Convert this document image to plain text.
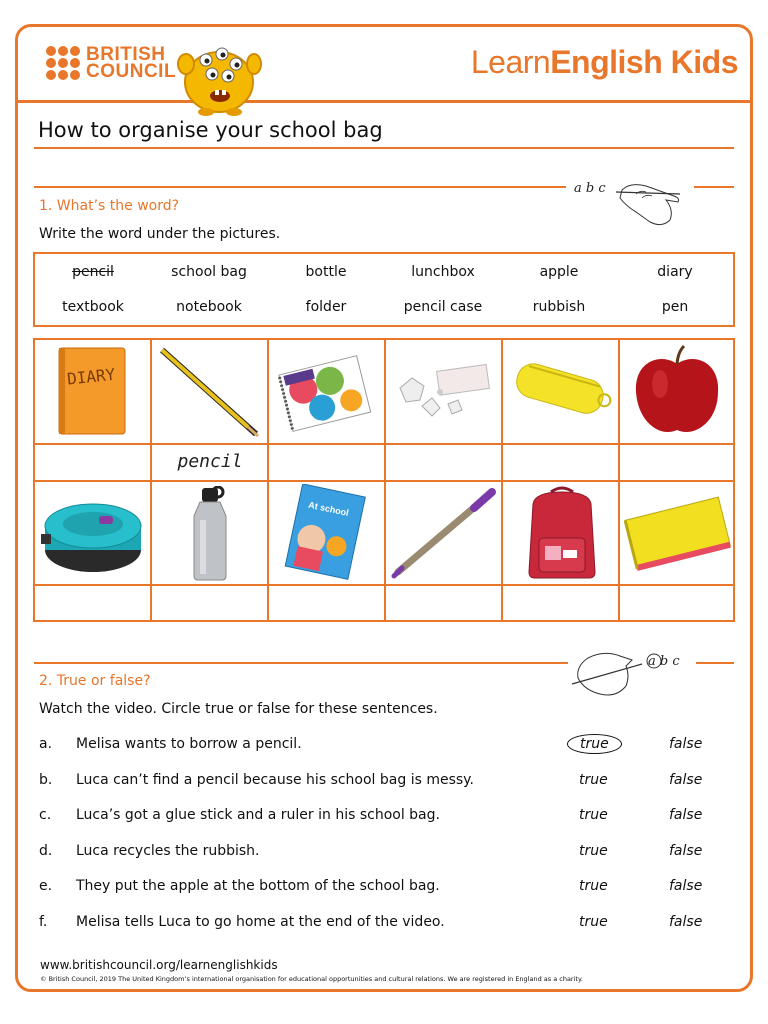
BRITISH
COUNCIL	LearnEnglish Kids
How to organise your school bag
a b c
1. What’s the word?
Write the word under the pictures.
pencil	school bag	bottle	lunchbox	apple	diary
textbook	notebook	folder	pencil case	rubbish	pen
DIARY
pencil
At school
a b c
2. True or false?
Watch the video. Circle true or false for these sentences.
a. Melisa wants to borrow a pencil.	true	false
b. Luca can’t find a pencil because his school bag is messy.	true	false
c. Luca’s got a glue stick and a ruler in his school bag.	true	false
d. Luca recycles the rubbish.	true	false
e. They put the apple at the bottom of the school bag.	true	false
f. Melisa tells Luca to go home at the end of the video.	true	false
www.britishcouncil.org/learnenglishkids
© British Council, 2019 The United Kingdom’s international organisation for educational opportunities and cultural relations. We are registered in England as a charity.
